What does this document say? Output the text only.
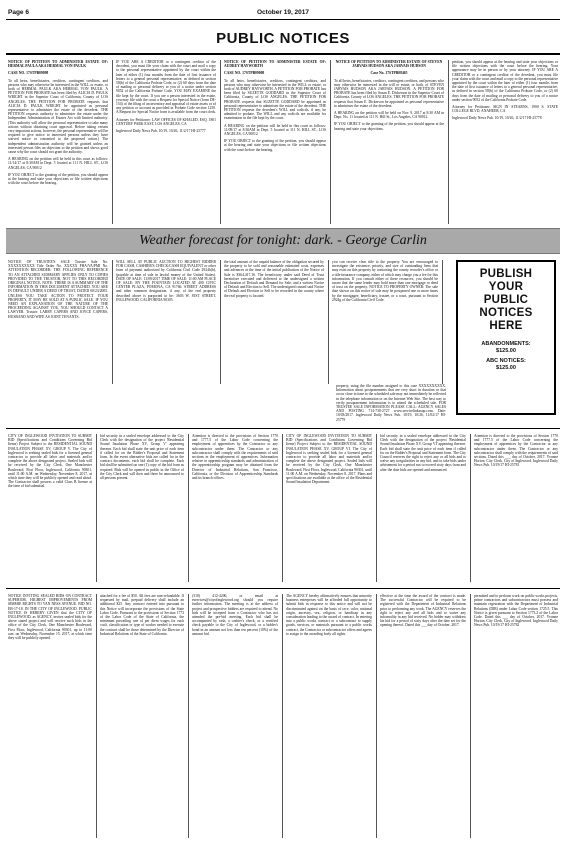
Page 6	October 19, 2017
PUBLIC NOTICES

NOTICE OF PETITION TO ADMINISTER ESTATE OF: HERMAL PAULA AKA HERMAL VON PAULK

CASE NO. 17STPB09098

To all heirs, beneficiaries, creditors, contingent creditors, and persons who may otherwise be interested in the WILL or estate, or both of HERMAL PAULK AKA HERMAL VON PAULK. A PETITION FOR PROBATE has been filed by ALICIA D. PAULK WRIGHT in the Superior Court of California, County of LOS ANGELES. THE PETITION FOR PROBATE requests that ALICIA D. PAULK WRIGHT be appointed as personal representative to administer the estate of the decedent. THE PETITION requests authority to administer the estate under the Independent Administration of Estates Act with limited authority. (This authority will allow the personal representative to take many actions without obtaining court approval. Before taking certain very important actions, however, the personal representative will be required to give notice to interested persons unless they have waived notice or consented to the proposed action.) The independent administration authority will be granted unless an interested person files an objection to the petition and shows good cause why the court should not grant the authority.

A HEARING on the petition will be held in this court as follows: 11/14/17 at 8:30AM in Dept. 5 located at 111 N. HILL ST., LOS ANGELES, CA 90012

IF YOU OBJECT to the granting of the petition, you should appear at the hearing and state your objections or file written objections with the court before the hearing.

IF YOU ARE A CREDITOR or a contingent creditor of the decedent, you must file your claim with the court and mail a copy to the personal representative appointed by the court within the later of either (1) four months from the date of first issuance of letters to a general personal representative, as defined in section 58(b) of the California Probate Code, or (2) 60 days from the date of mailing or personal delivery to you of a notice under section 9052 of the California Probate Code. YOU MAY EXAMINE the file kept by the court. If you are a person interested in the estate, you may file with the court a Request for Special Notice (form DE-154) of the filing of an inventory and appraisal of estate assets or of any petition or account as provided in Probate Code section 1250. A Request for Special Notice form is available from the court clerk.

Attorney for Petitioner: LAW OFFICES OF KHALED, ESQ. 1801 CENTURY PARK EAST, LOS ANGELES, CA

Inglewood Daily News Pub. 10/19, 10/26, 11/2/17 HI-25777

NOTICE OF PETITION TO ADMINISTER ESTATE OF: AUDREY HAYWORTH

CASE NO. 17STPB09008

To all heirs, beneficiaries, creditors, contingent creditors, and persons who may otherwise be interested in the WILL or estate, or both of AUDREY HAYWORTH. A PETITION FOR PROBATE has been filed by SUZETTE GODDARD in the Superior Court of California, County of LOS ANGELES. THE PETITION FOR PROBATE requests that SUZETTE GODDARD be appointed as personal representative to administer the estate of the decedent. THE PETITION requests the decedent's WILL and codicils, if any, be admitted to probate. The WILL and any codicils are available for examination in the file kept by the court.

A HEARING on the petition will be held in this court as follows: 11/09/17 at 8:30AM in Dept. 5 located at 111 N. HILL ST., LOS ANGELES, CA 90012

IF YOU OBJECT to the granting of the petition, you should appear at the hearing and state your objections or file written objections with the court before the hearing.

NOTICE OF PETITION TO ADMINISTER ESTATE OF STEVEN JARVAIS HUDSON AKA JARVAIS HUDSON

Case No. 17STPB08465

To all heirs, beneficiaries, creditors, contingent creditors, and persons who may otherwise be interested in the will or estate, or both, of STEVEN JARVAIS HUDSON AKA JARVAIS HUDSON. A PETITION FOR PROBATE has been filed by Susan E. Dickerson in the Superior Court of California, County of LOS ANGELES. THE PETITION FOR PROBATE requests that Susan E. Dickerson be appointed as personal representative to administer the estate of the decedent.

A HEARING on the petition will be held on Nov. 9, 2017 at 8:30 AM in Dept. No. 11 located at 111 N. Hill St., Los Angeles, CA 90012.

IF YOU OBJECT to the granting of the petition, you should appear at the hearing and state your objections.

petition, you should appear at the hearing and state your objections or file written objections with the court before the hearing. Your appearance may be in person or by your attorney. IF YOU ARE A CREDITOR or a contingent creditor of the decedent, you must file your claim with the court and mail a copy to the personal representative appointed by the court within the later of either (1) four months from the date of first issuance of letters to a general personal representative, as defined in section 58(b) of the California Probate Code, or (2) 60 days from the date of mailing or personal delivery to you of a notice under section 9052 of the California Probate Code.

Attorney for Petitioner: SIGN IN STEARNS, 1900 S. STATE COLLEGE BLVD, ANAHEIM, CA

Inglewood Daily News Pub. 10/19, 10/26, 11/2/17 HI-25778

Weather forecast for tonight: dark. - George Carlin

NOTICE OF TRUSTEE'S SALE Trustee Sale No. XXXXXXXXXX Title Order No. XXXXX FHA/VA/PMI No. ATTENTION RECORDER: THE FOLLOWING REFERENCE TO AN ATTACHED SUMMARY APPLIES ONLY TO COPIES PROVIDED TO THE TRUSTOR, NOT TO THIS RECORDED ORIGINAL NOTICE. NOTE: THERE IS A SUMMARY OF THE INFORMATION IN THIS DOCUMENT ATTACHED. YOU ARE IN DEFAULT UNDER A DEED OF TRUST, DATED 08/23/2005. UNLESS YOU TAKE ACTION TO PROTECT YOUR PROPERTY, IT MAY BE SOLD AT A PUBLIC SALE. IF YOU NEED AN EXPLANATION OF THE NATURE OF THE PROCEEDING AGAINST YOU, YOU SHOULD CONTACT A LAWYER. Trustor: LARRY CAPERS AND JOYCE CAPERS, HUSBAND AND WIFE AS JOINT TENANTS.

WILL SELL AT PUBLIC AUCTION TO HIGHEST BIDDER FOR CASH, CASHIER'S CHECK/CASH EQUIVALENT or other form of payment authorized by California Civil Code 2924h(b), (payable at time of sale in lawful money of the United States). DATE OF SALE: 11/09/2017 TIME OF SALE: 11:00 AM PLACE OF SALE: BY THE FOUNTAIN LOCATED AT 400 CIVIC CENTER PLAZA, POMONA, CA 91766. STREET ADDRESS and other common designation, if any, of the real property described above is purported to be: 3603 W. 81ST STREET, INGLEWOOD, CALIFORNIA 90305.

the total amount of the unpaid balance of the obligation secured by the property to be sold and reasonable estimated costs, expenses and advances at the time of the initial publication of the Notice of Sale is $364,417.16. The beneficiary under said Deed of Trust heretofore executed and delivered to the undersigned a written Declaration of Default and Demand for Sale, and a written Notice of Default and Election to Sell. The undersigned caused said Notice of Default and Election to Sell to be recorded in the county where the real property is located.

you can receive clear title to the property. You are encouraged to investigate the existence, priority, and size of outstanding liens that may exist on this property by contacting the county recorder's office or a title insurance company, either of which may charge you a fee for this information. If you consult either of these resources, you should be aware that the same lender may hold more than one mortgage or deed of trust on the property. NOTICE TO PROPERTY OWNER: The sale date shown on this notice of sale may be postponed one or more times by the mortgagee, beneficiary, trustee, or a court, pursuant to Section 2924g of the California Civil Code.

PUBLISH
YOUR
PUBLIC
NOTICES
HERE
ABANDONMENTS:
$125.00
ABC NOTICES:
$125.00

property, using the file number assigned to this case XXXXXXXXXX. Information about postponements that are very short in duration or that occur close in time to the scheduled sale may not immediately be reflected in the telephone information or on the Internet Web Site. The best way to verify postponement information is to attend the scheduled sale. FOR TRUSTEE SALE INFORMATION PLEASE CALL: AGENCY SALES AND POSTING 714-730-2727 www.servicelinkasap.com. Date: 10/03/2017. Inglewood Daily News Pub. 10/19, 10/26, 11/02/17 HI-25779

CITY OF INGLEWOOD INVITATION TO SUBMIT BID (Specifications and Conditions Governing Bid Items) Project Subject to the RESIDENTIAL SOUND INSULATION PHASE XV, GROUP V. The City of Inglewood is seeking sealed bids for a licensed general contractor to provide all labor and materials and/or complete the above designated project. Sealed bids will be received by the City Clerk, One Manchester Boulevard, First Floor, Inglewood, California 90301, until 11:00 A.M. on Wednesday, November 8, 2017, at which time they will be publicly opened and read aloud. The Contractor shall possess a valid Class B license at the time of bid submittal.

bid security in a sealed envelope addressed to the City Clerk with the designation of the project 'Residential Sound Insulation Phase XV, Group V' appearing thereon. Each bid shall state the unit price of each item if called for on the Bidder's Proposal and Statement form. In the event alternative bids are called for in the contract documents, each bid shall be complete. Each bid shall be submitted on one (1) copy of the bid form as required. Bids will be opened in public in the Office of the City Clerk and will then and there be announced to all persons present.

Attention is directed to the provisions of Section 1770 and 1777.5 of the Labor Code concerning the employment of apprentices by the Contractor or any subcontractor under them. The Contractor or any subcontractor shall comply with the requirements of said sections in the employment of apprentices. Information relative to apprenticeship standards and administration of the apprenticeship program may be obtained from the Director of Industrial Relations, San Francisco, California, or the Division of Apprenticeship Standards and its branch offices.

CITY OF INGLEWOOD INVITATION TO SUBMIT BID (Specifications and Conditions Governing Bid Items) Project Subject to the RESIDENTIAL SOUND INSULATION PHASE XV, GROUP VI. The City of Inglewood is seeking sealed bids for a licensed general contractor to provide all labor and materials and/or complete the above designated project. Sealed bids will be received by the City Clerk, One Manchester Boulevard, First Floor, Inglewood, California 90301, until 11:00 A.M. on Wednesday, November 8, 2017. Plans and specifications are available at the office of the Residential Sound Insulation Department.

bid security in a sealed envelope addressed to the City Clerk with the designation of the project 'Residential Sound Insulation Phase XV, Group VI' appearing thereon. Each bid shall state the unit price of each item if called for on the Bidder's Proposal and Statement form. The City Council reserves the right to reject any or all bids and to waive any irregularities in any bid, and to take bids under advisement for a period not to exceed sixty days from and after the date bids are opened and announced.

Attention is directed to the provisions of Section 1770 and 1777.5 of the Labor Code concerning the employment of apprentices by the Contractor or any subcontractor under them. The Contractor or any subcontractor shall comply with the requirements of said sections. Dated this ___ day of October, 2017. Yvonne Horton, City Clerk, City of Inglewood. Inglewood Daily News Pub. 10/19/17 HI-25781

NOTICE INVITING SEALED BIDS ON CONTRACT SUPERIOR, HIGHEST IMPROVEMENTS FROM SIMMIE RIGHTS TO VAN NESS AVENUE. BID NO. EB-17-18. IN THE CITY OF INGLEWOOD. PUBLIC NOTICE IS HEREBY GIVEN that the CITY OF INGLEWOOD, as AGENCY, invites sealed bids for the above stated project and will receive such bids in the office of the City Clerk, One Manchester Boulevard, First Floor, Inglewood, California 90301, up to 11:00 a.m. on Wednesday, November 15, 2017, at which time they will be publicly opened.

attached for a fee of $50. All fees are non-refundable. If requested by mail, prepaid delivery shall include an additional $25. Any contract entered into pursuant to this Notice will incorporate the provisions of the State Labor Code. Pursuant to the provisions of Section 1773 of the Labor Code of the State of California, the minimum prevailing rate of per diem wages for each craft, classification or type of worker needed to execute the contract shall be those determined by the Director of Industrial Relations of the State of California.

(310) 412-4200, or email at eservices@cityofinglewood.org should you require further information. The meeting is at the address of project and prospective bidders are required to attend. No bids will be accepted from a Contractor who has not attended the pre-bid meeting. Each bid shall be accompanied by cash, a cashier's check, or a certified check payable to the City of Inglewood, or a bidder's bond in an amount not less than ten percent (10%) of the amount bid.

The AGENCY hereby affirmatively ensures that minority business enterprises will be afforded full opportunity to submit bids in response to this notice and will not be discriminated against on the basis of race, color, national origin, ancestry, sex, religion, or handicap in any consideration leading to the award of contract. In entering into a public works contract or a subcontract to supply goods, services, or materials pursuant to a public works contract, the Contractor or subcontractor offers and agrees to assign to the awarding body all rights.

effective at the time the award of the contract is made. The successful Contractor will be required to be registered with the Department of Industrial Relations prior to performing any work. The AGENCY reserves the right to reject any and all bids and to waive any informality in any bid received. No bidder may withdraw his bid for a period of sixty days after the date set for the opening thereof. Dated this ___ day of October, 2017.

permitted and to perform work on public works projects, prime contractors and subcontractors must possess and maintain registration with the Department of Industrial Relations (DIR) under Labor Code section 1725.5. This Notice is given pursuant to Section 1773.2 of the Labor Code. Dated this ___ day of October, 2017. Yvonne Horton, City Clerk, City of Inglewood. Inglewood Daily News Pub. 10/19/17 HI-25782
